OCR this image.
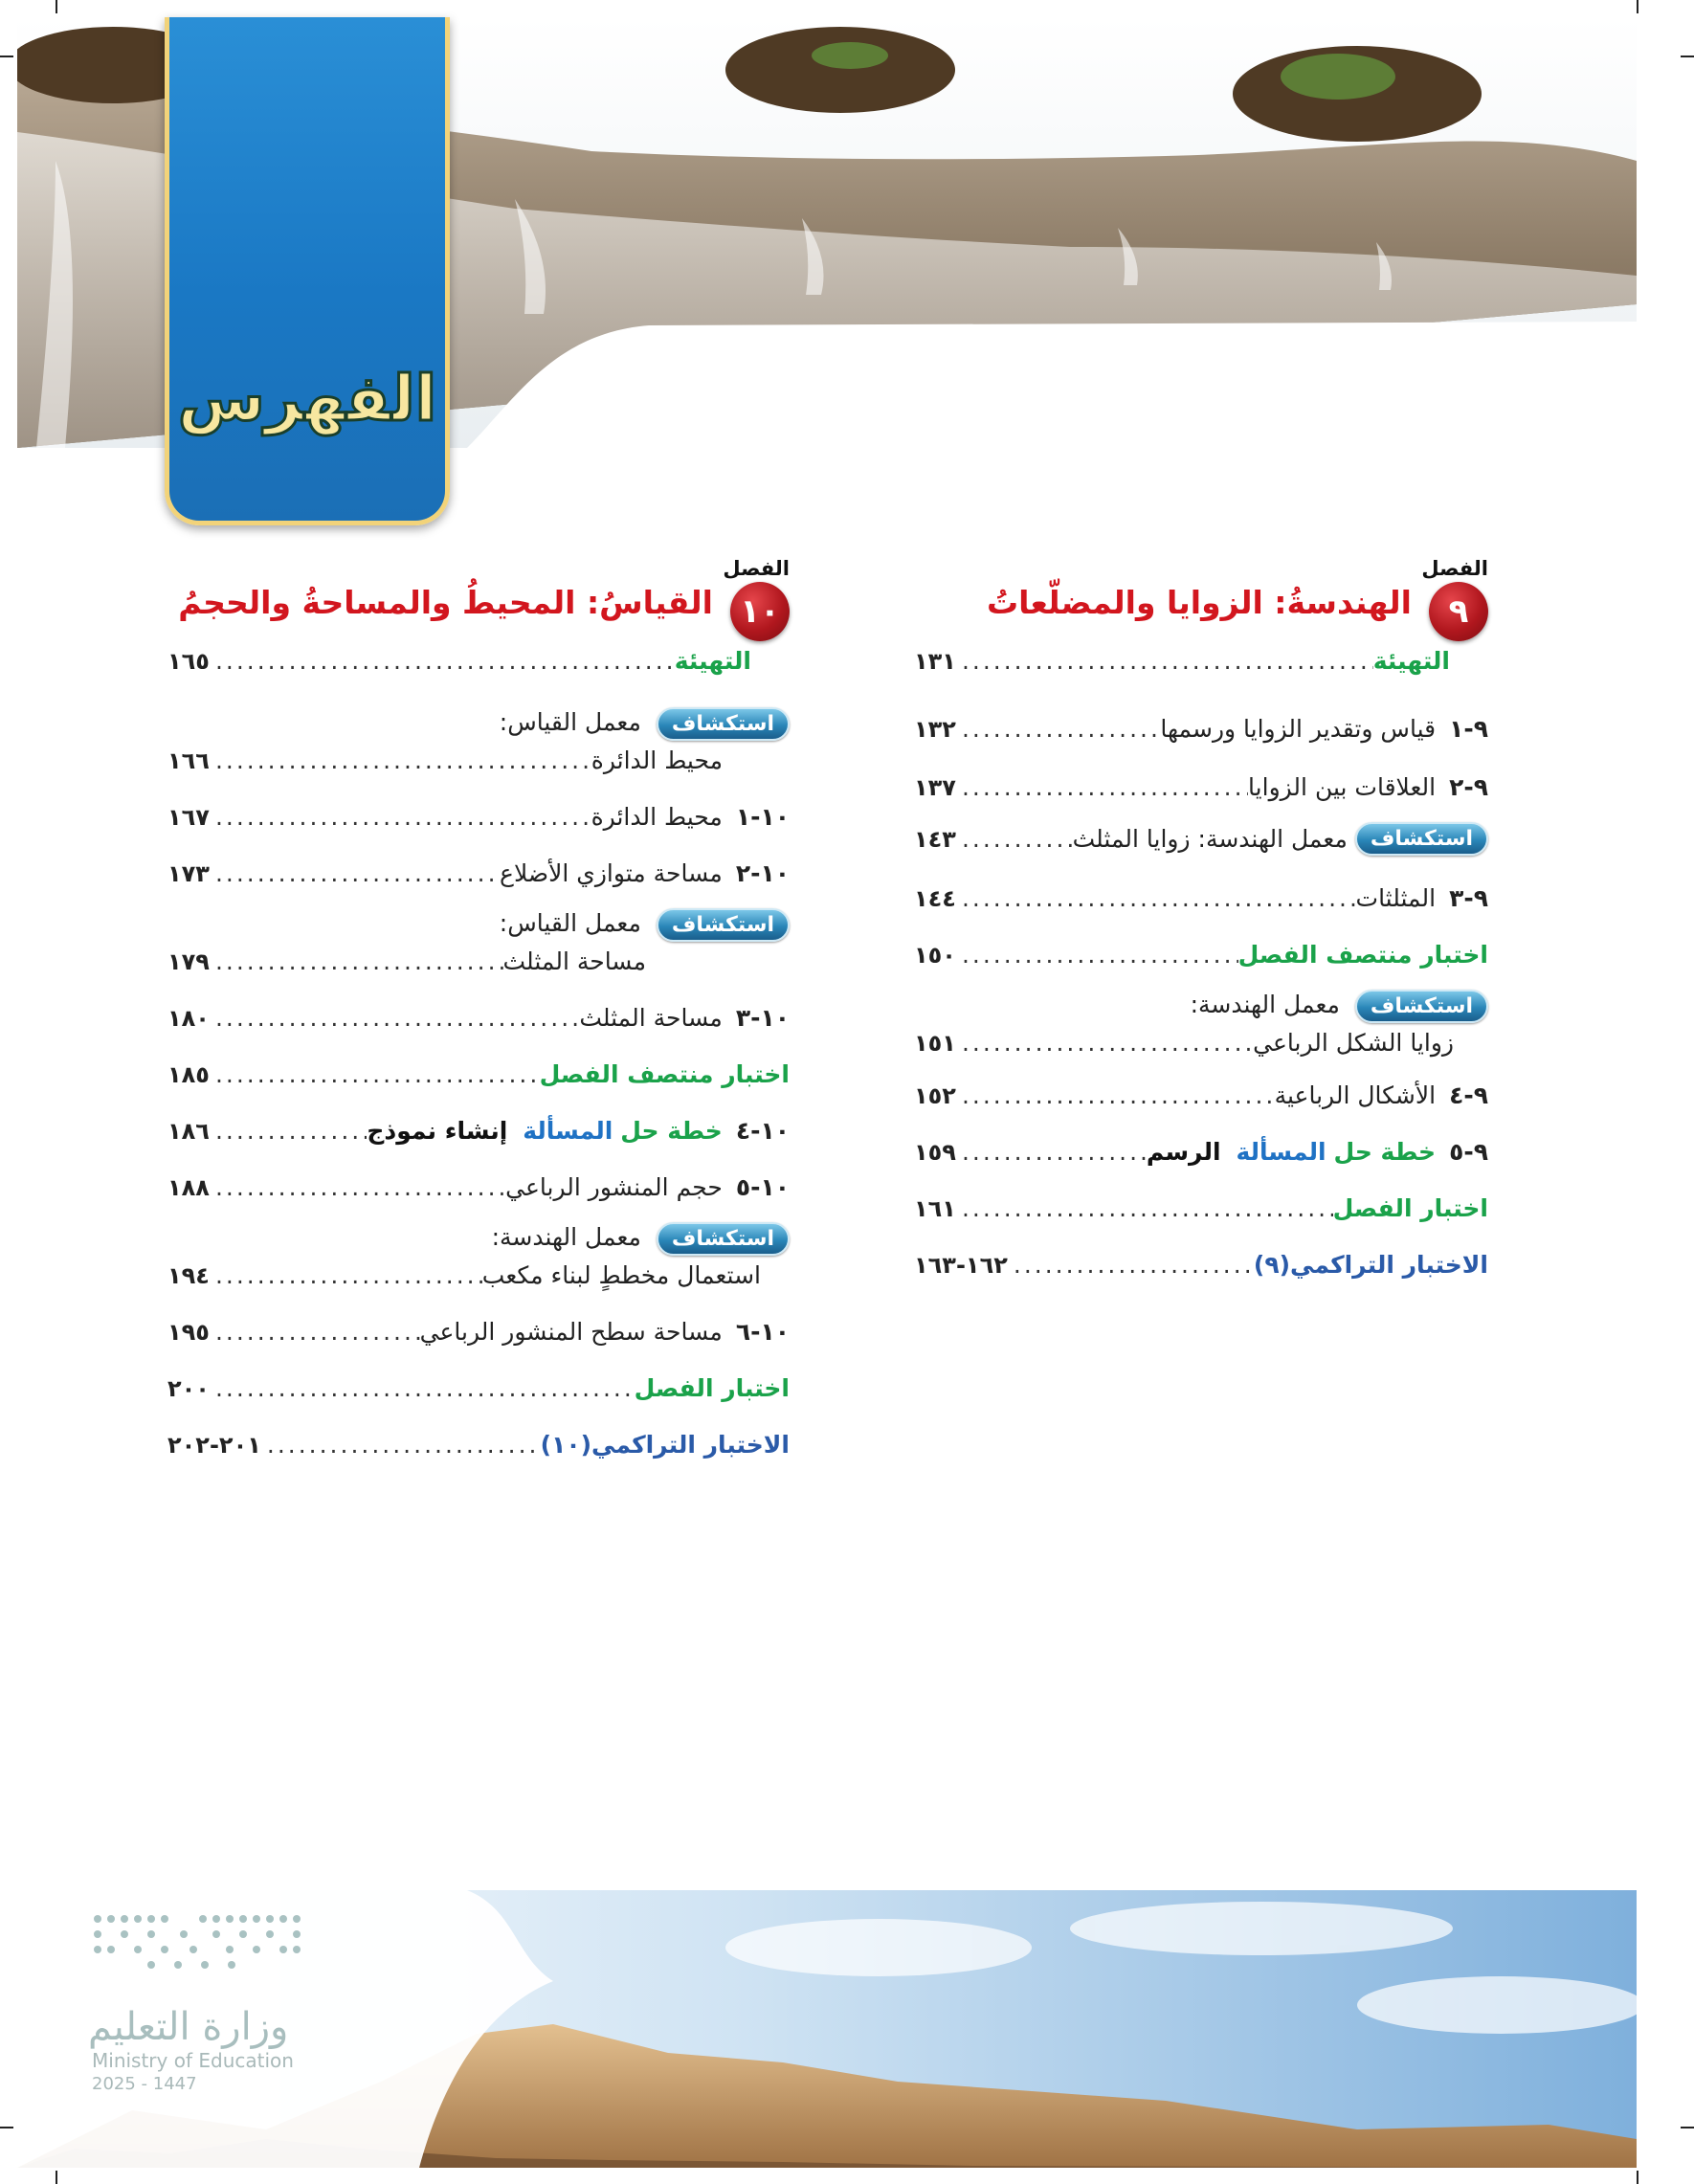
الفهرس
الفصل
٩
الهندسةُ: الزوايا والمضلّعاتُ
التهيئة
.....
١٣١
٩-١
قياس وتقدير الزوايا ورسمها
.....
١٣٢
٩-٢
العلاقات بين الزوايا
.....
١٣٧
استكشاف
معمل الهندسة: زوايا المثلث
.....
١٤٣
٩-٣
المثلثات
.....
١٤٤
اختبار منتصف الفصل
.....
١٥٠
استكشاف معمل الهندسة:
زوايا الشكل الرباعي
.....
١٥١
٩-٤
الأشكال الرباعية
.....
١٥٢
٩-٥
خطة حل

المسألة

الرسم
.....
١٥٩
اختبار الفصل
.....
١٦١
الاختبار التراكمي(٩)
.....
١٦٢-١٦٣
الفصل
١٠
القياسُ: المحيطُ والمساحةُ والحجمُ
التهيئة
.....
١٦٥
استكشاف معمل القياس:
محيط الدائرة
.....
١٦٦
١٠-١
محيط الدائرة
.....
١٦٧
١٠-٢
مساحة متوازي الأضلاع
.....
١٧٣
استكشاف معمل القياس:
مساحة المثلث
.....
١٧٩
١٠-٣
مساحة المثلث
.....
١٨٠
اختبار منتصف الفصل
.....
١٨٥
١٠-٤
خطة حل

المسألة

إنشاء نموذج
.....
١٨٦
١٠-٥
حجم المنشور الرباعي
.....
١٨٨
استكشاف معمل الهندسة:
استعمال مخططٍ لبناء مكعب
.....
١٩٤
١٠-٦
مساحة سطح المنشور الرباعي
.....
١٩٥
اختبار الفصل
.....
٢٠٠
الاختبار التراكمي(١٠)
.....
٢٠١-٢٠٢
وزارة التعليم
Ministry of Education
2025 - 1447
